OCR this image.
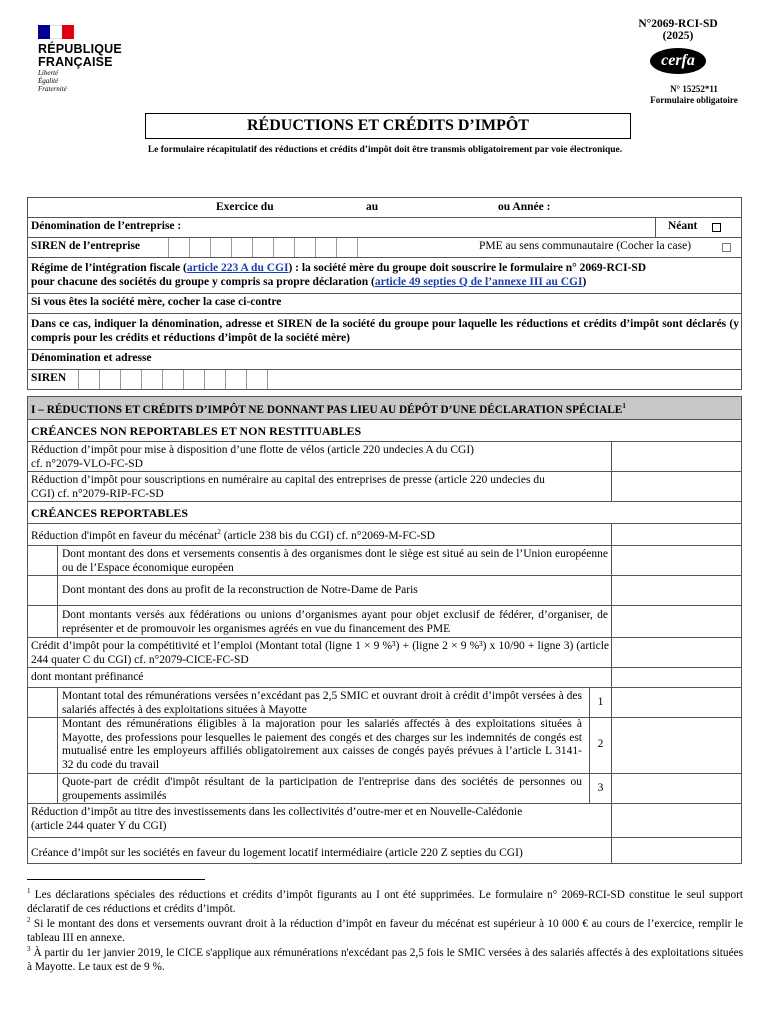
RÉPUBLIQUE
FRANÇAISE
Liberté
Égalité
Fraternité
N°2069-RCI-SD
(2025)
cerfa
N° 15252*11
Formulaire obligatoire
RÉDUCTIONS ET CRÉDITS D’IMPÔT
Le formulaire récapitulatif des réductions et crédits d’impôt doit être transmis obligatoirement par voie électronique.
Exercice du	au	ou Année :
Dénomination de l’entreprise :	Néant
SIREN de l’entreprise	PME au sens communautaire (Cocher la case)
Régime de l’intégration fiscale (article 223 A du CGI) : la société mère du groupe doit souscrire le formulaire n° 2069-RCI-SD
pour chacune des sociétés du groupe y compris sa propre déclaration (article 49 septies Q de l’annexe III au CGI)
Si vous êtes la société mère, cocher la case ci-contre
Dans ce cas, indiquer la dénomination, adresse et SIREN de la société du groupe pour laquelle les réductions et crédits d’impôt sont déclarés (y compris pour les crédits et réductions d’impôt de la société mère)
Dénomination et adresse
SIREN
I – RÉDUCTIONS ET CRÉDITS D’IMPÔT NE DONNANT PAS LIEU AU DÉPÔT D’UNE DÉCLARATION SPÉCIALE$^1$
CRÉANCES NON REPORTABLES ET NON RESTITUABLES
Réduction d’impôt pour mise à disposition d’une flotte de vélos (article 220 undecies A du CGI)
cf. n°2079-VLO-FC-SD
Réduction d’impôt pour souscriptions en numéraire au capital des entreprises de presse (article 220 undecies du
CGI) cf. n°2079-RIP-FC-SD
CRÉANCES REPORTABLES
Réduction d'impôt en faveur du mécénat$^2$ (article 238 bis du CGI) cf. n°2069-M-FC-SD
Dont montant des dons et versements consentis à des organismes dont le siège est situé au sein de l’Union européenne ou de l’Espace économique européen
Dont montant des dons au profit de la reconstruction de Notre-Dame de Paris
Dont montants versés aux fédérations ou unions d’organismes ayant pour objet exclusif de fédérer, d’organiser, de représenter et de promouvoir les organismes agréés en vue du financement des PME
Crédit d’impôt pour la compétitivité et l’emploi (Montant total (ligne 1 × 9 %³) + (ligne 2 × 9 %³) x 10/90 + ligne 3) (article 244 quater C du CGI) cf. n°2079-CICE-FC-SD
dont montant préfinancé
Montant total des rémunérations versées n’excédant pas 2,5 SMIC et ouvrant droit à crédit d’impôt versées à des salariés affectés à des exploitations situées à Mayotte
1
Montant des rémunérations éligibles à la majoration pour les salariés affectés à des exploitations situées à Mayotte, des professions pour lesquelles le paiement des congés et des charges sur les indemnités de congés est mutualisé entre les employeurs affiliés obligatoirement aux caisses de congés payés prévues à l’article L 3141-32 du code du travail
2
Quote-part de crédit d'impôt résultant de la participation de l'entreprise dans des sociétés de personnes ou groupements assimilés
3
Réduction d’impôt au titre des investissements dans les collectivités d’outre-mer et en Nouvelle-Calédonie
(article 244 quater Y du CGI)
Créance d’impôt sur les sociétés en faveur du logement locatif intermédiaire (article 220 Z septies du CGI)
$^1$ Les déclarations spéciales des réductions et crédits d’impôt figurants au I ont été supprimées. Le formulaire n° 2069-RCI-SD constitue le seul support déclaratif de ces réductions et crédits d’impôt.
$^2$ Si le montant des dons et versements ouvrant droit à la réduction d’impôt en faveur du mécénat est supérieur à 10 000 € au cours de l’exercice, remplir le tableau III en annexe.
$^3$ À partir du 1er janvier 2019, le CICE s'applique aux rémunérations n'excédant pas 2,5 fois le SMIC versées à des salariés affectés à des exploitations situées à Mayotte. Le taux est de 9 %.
